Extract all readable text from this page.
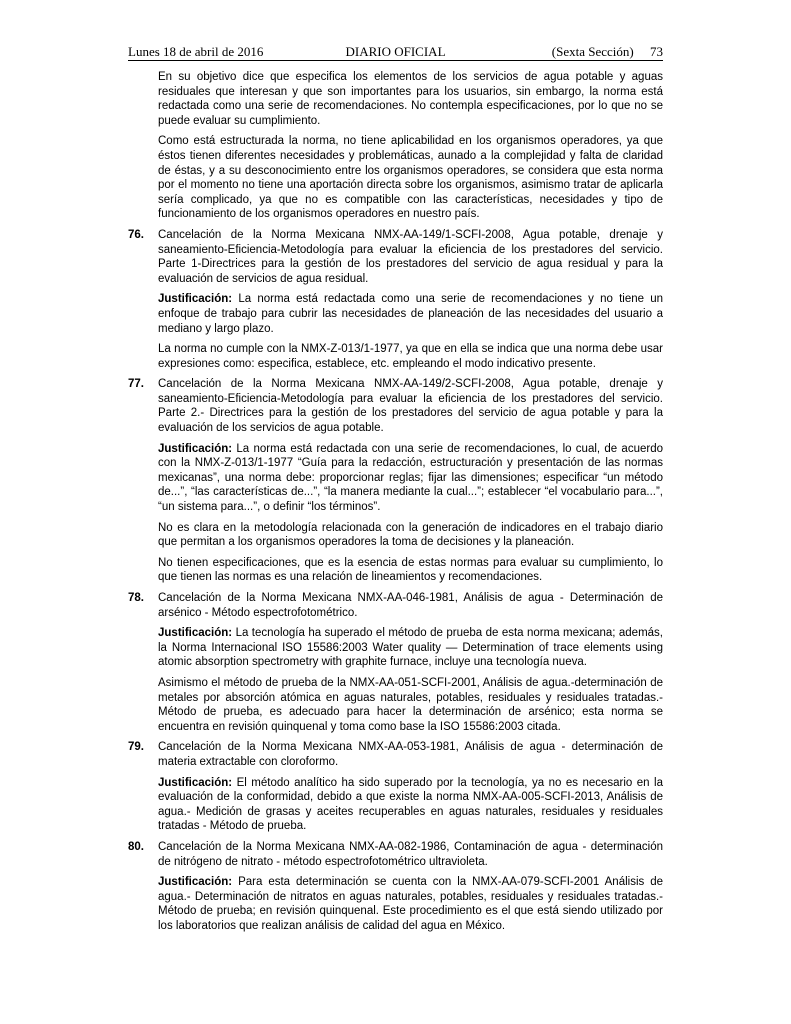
Lunes 18 de abril de 2016	DIARIO OFICIAL	(Sexta Sección)     73

En su objetivo dice que especifica los elementos de los servicios de agua potable y aguas residuales que interesan y que son importantes para los usuarios, sin embargo, la norma está redactada como una serie de recomendaciones. No contempla especificaciones, por lo que no se puede evaluar su cumplimiento.

Como está estructurada la norma, no tiene aplicabilidad en los organismos operadores, ya que éstos tienen diferentes necesidades y problemáticas, aunado a la complejidad y falta de claridad de éstas, y a su desconocimiento entre los organismos operadores, se considera que esta norma por el momento no tiene una aportación directa sobre los organismos, asimismo tratar de aplicarla sería complicado, ya que no es compatible con las características, necesidades y tipo de funcionamiento de los organismos operadores en nuestro país.

76. Cancelación de la Norma Mexicana NMX-AA-149/1-SCFI-2008, Agua potable, drenaje y saneamiento-Eficiencia-Metodología para evaluar la eficiencia de los prestadores del servicio. Parte 1-Directrices para la gestión de los prestadores del servicio de agua residual y para la evaluación de servicios de agua residual.

Justificación: La norma está redactada como una serie de recomendaciones y no tiene un enfoque de trabajo para cubrir las necesidades de planeación de las necesidades del usuario a mediano y largo plazo.

La norma no cumple con la NMX-Z-013/1-1977, ya que en ella se indica que una norma debe usar expresiones como: especifica, establece, etc. empleando el modo indicativo presente.

77. Cancelación de la Norma Mexicana NMX-AA-149/2-SCFI-2008, Agua potable, drenaje y saneamiento-Eficiencia-Metodología para evaluar la eficiencia de los prestadores del servicio. Parte 2.- Directrices para la gestión de los prestadores del servicio de agua potable y para la evaluación de los servicios de agua potable.

Justificación: La norma está redactada con una serie de recomendaciones, lo cual, de acuerdo con la NMX-Z-013/1-1977 “Guía para la redacción, estructuración y presentación de las normas mexicanas”, una norma debe: proporcionar reglas; fijar las dimensiones; especificar “un método de...”, “las características de...”, “la manera mediante la cual...”; establecer “el vocabulario para...”, “un sistema para...”, o definir “los términos”.

No es clara en la metodología relacionada con la generación de indicadores en el trabajo diario que permitan a los organismos operadores la toma de decisiones y la planeación.

No tienen especificaciones, que es la esencia de estas normas para evaluar su cumplimiento, lo que tienen las normas es una relación de lineamientos y recomendaciones.

78. Cancelación de la Norma Mexicana NMX-AA-046-1981, Análisis de agua - Determinación de arsénico - Método espectrofotométrico.

Justificación: La tecnología ha superado el método de prueba de esta norma mexicana; además, la Norma Internacional ISO 15586:2003 Water quality — Determination of trace elements using atomic absorption spectrometry with graphite furnace, incluye una tecnología nueva.

Asimismo el método de prueba de la NMX-AA-051-SCFI-2001, Análisis de agua.-determinación de metales por absorción atómica en aguas naturales, potables, residuales y residuales tratadas.-Método de prueba, es adecuado para hacer la determinación de arsénico; esta norma se encuentra en revisión quinquenal y toma como base la ISO 15586:2003 citada.

79. Cancelación de la Norma Mexicana NMX-AA-053-1981, Análisis de agua - determinación de materia extractable con cloroformo.

Justificación: El método analítico ha sido superado por la tecnología, ya no es necesario en la evaluación de la conformidad, debido a que existe la norma NMX-AA-005-SCFI-2013, Análisis de agua.- Medición de grasas y aceites recuperables en aguas naturales, residuales y residuales tratadas - Método de prueba.

80. Cancelación de la Norma Mexicana NMX-AA-082-1986, Contaminación de agua - determinación de nitrógeno de nitrato - método espectrofotométrico ultravioleta.

Justificación: Para esta determinación se cuenta con la NMX-AA-079-SCFI-2001 Análisis de agua.- Determinación de nitratos en aguas naturales, potables, residuales y residuales tratadas.- Método de prueba; en revisión quinquenal. Este procedimiento es el que está siendo utilizado por los laboratorios que realizan análisis de calidad del agua en México.
